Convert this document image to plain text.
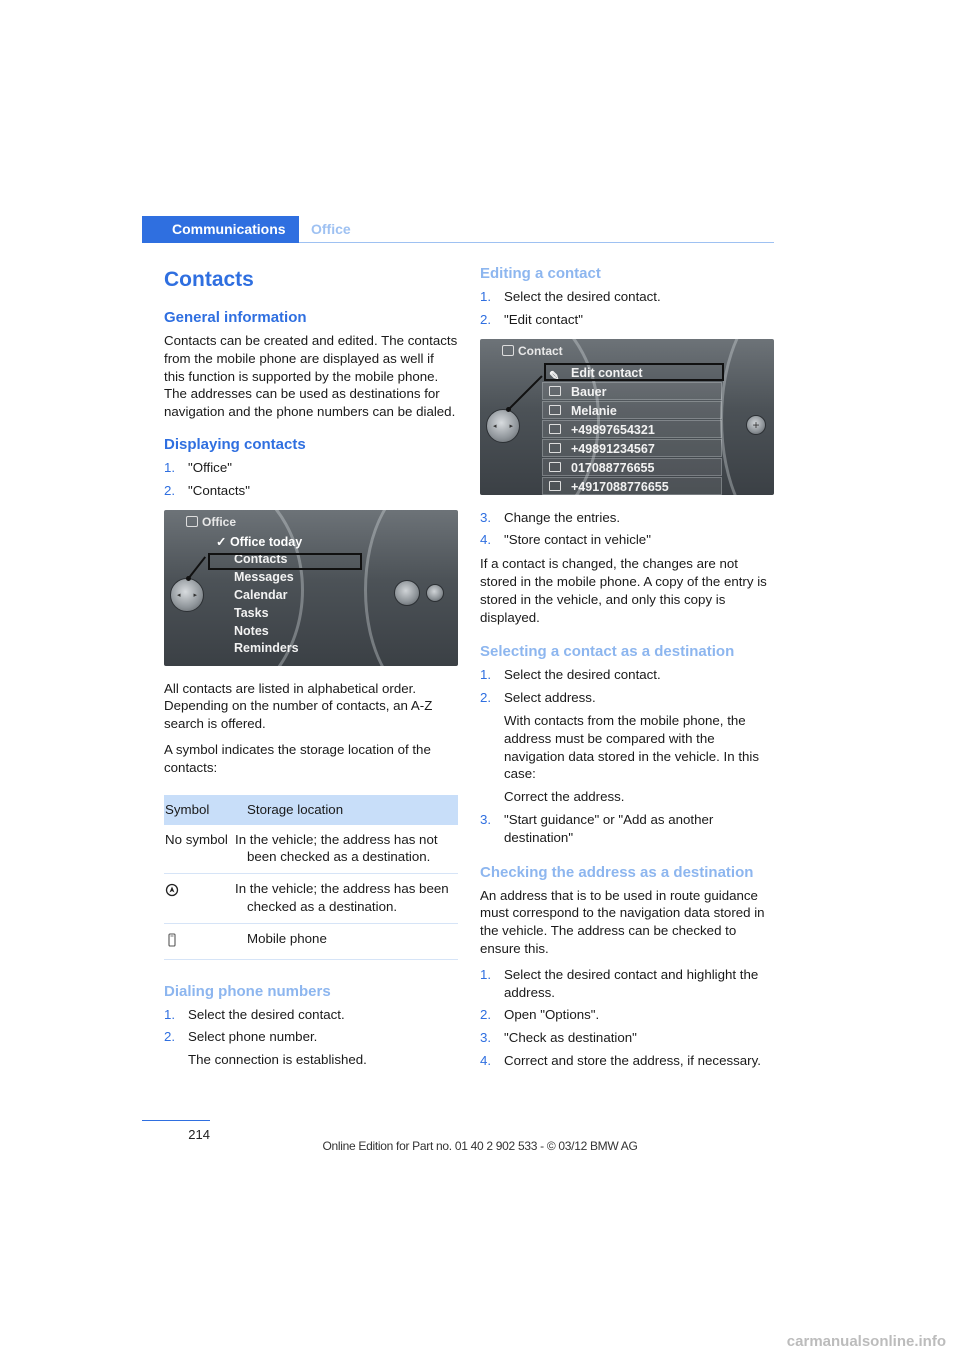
Communications	Office
Contacts
General information

Contacts can be created and edited. The contacts from the mobile phone are displayed as well if this function is supported by the mobile phone. The addresses can be used as destinations for navigation and the phone numbers can be dialed.

Displaying contacts
1. "Office"
2. "Contacts"
Office
◂ ▸
✓ Office today
Contacts
Messages
Calendar
Tasks
Notes
Reminders

All contacts are listed in alphabetical order. Depending on the number of contacts, an A-Z search is offered.

A symbol indicates the storage location of the contacts:

Symbol	Storage location
No symbol	In the vehicle; the address has not been checked as a destination.
	In the vehicle; the address has been checked as a destination.
	Mobile phone
Dialing phone numbers
1. Select the desired contact.
2. Select phone number.
The connection is established.
Editing a contact
1. Select the desired contact.
2. "Edit contact"
Contact
◂ ▸	+
✎ Edit contact
Bauer
Melanie
+49897654321
+49891234567
017088776655
+4917088776655
3. Change the entries.
4. "Store contact in vehicle"

If a contact is changed, the changes are not stored in the mobile phone. A copy of the entry is stored in the vehicle, and only this copy is displayed.

Selecting a contact as a destination
1. Select the desired contact.
2. Select address.
With contacts from the mobile phone, the address must be compared with the navigation data stored in the vehicle. In this case:
Correct the address.
3. "Start guidance" or "Add as another destination"
Checking the address as a destination

An address that is to be used in route guidance must correspond to the navigation data stored in the vehicle. The address can be checked to ensure this.

1. Select the desired contact and highlight the address.
2. Open "Options".
3. "Check as destination"
4. Correct and store the address, if necessary.
214
Online Edition for Part no. 01 40 2 902 533 - © 03/12 BMW AG
carmanualsonline.info
